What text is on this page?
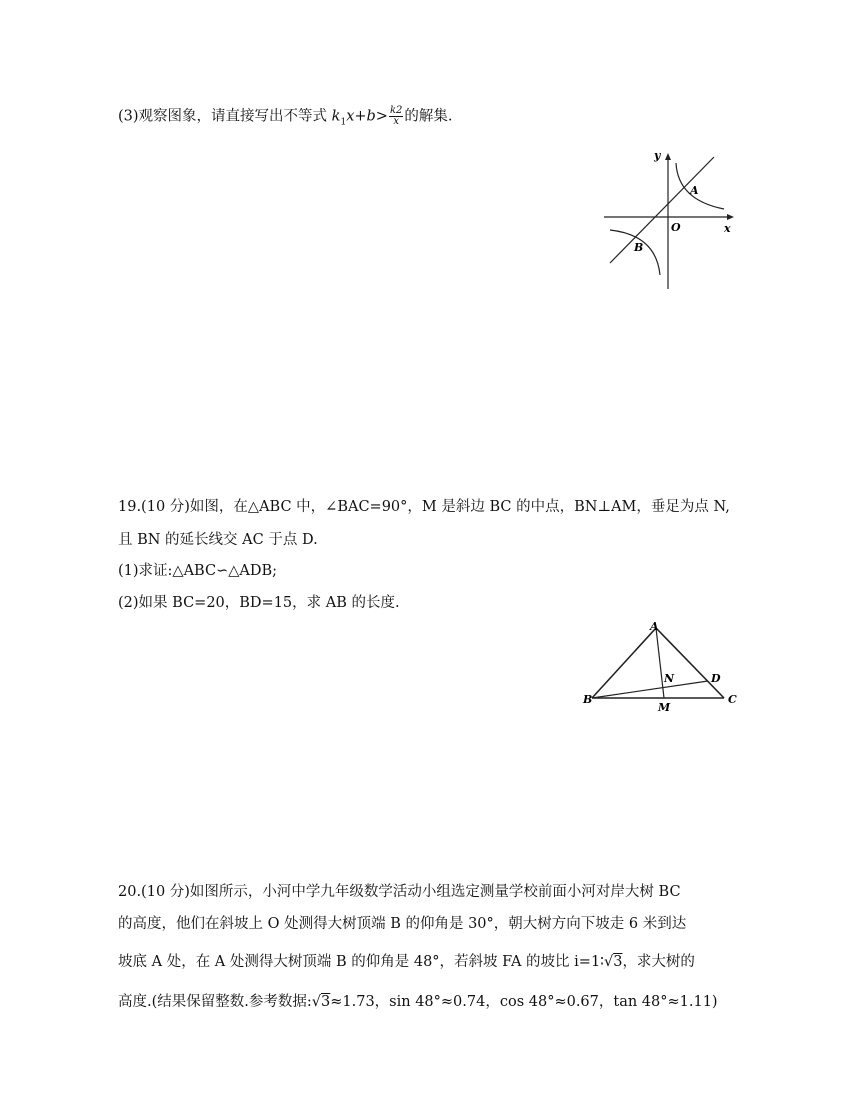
(3)观察图象，请直接写出不等式 $k_1x+b> \frac{k2}{x}$ 的解集.
y
x
O
A
B
19.(10 分)如图，在△ABC 中，∠BAC=90°，M 是斜边 BC 的中点，BN⊥AM，垂足为点 N,
且 BN 的延长线交 AC 于点 D.
(1)求证:△ABC∽△ADB;
(2)如果 BC=20，BD=15，求 AB 的长度.
A
B	C
D
M
N
20.(10 分)如图所示，小河中学九年级数学活动小组选定测量学校前面小河对岸大树 BC
的高度，他们在斜坡上 O 处测得大树顶端 B 的仰角是 30°，朝大树方向下坡走 6 米到达
坡底 A 处，在 A 处测得大树顶端 B 的仰角是 48°，若斜坡 FA 的坡比 i=1∶√3，求大树的
高度.(结果保留整数.参考数据:√3≈1.73，sin 48°≈0.74，cos 48°≈0.67，tan 48°≈1.11)
